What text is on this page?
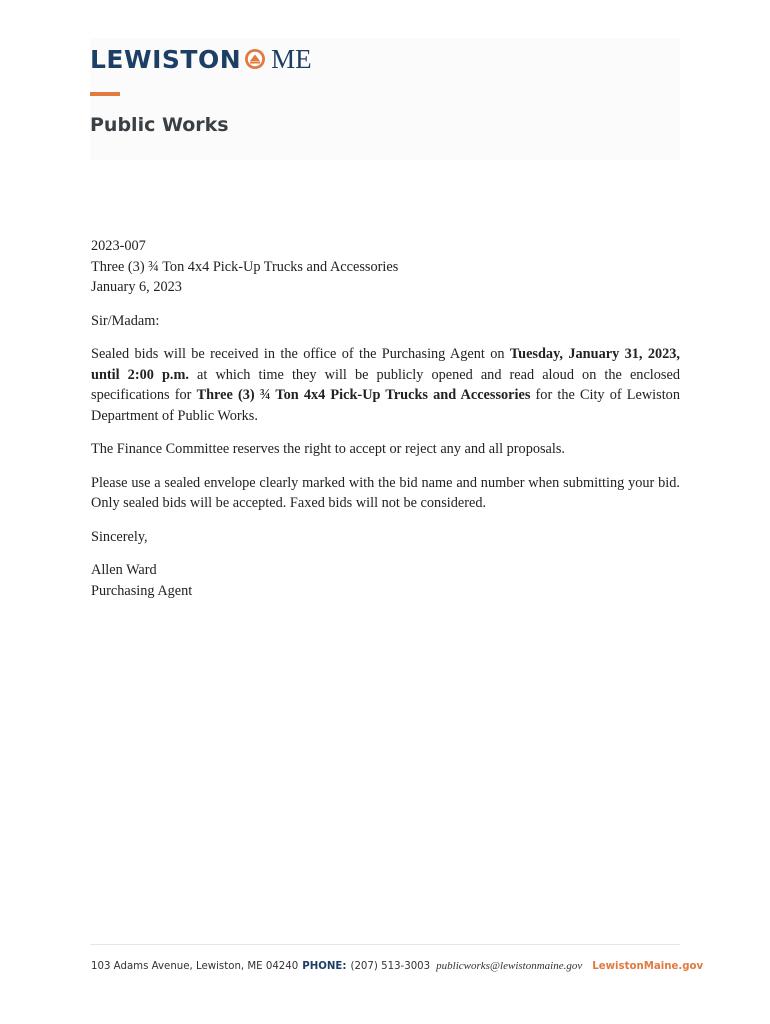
LEWISTON ME
Public Works

2023-007

Three (3) ¾ Ton 4x4 Pick-Up Trucks and Accessories

January 6, 2023

Sir/Madam:

Sealed bids will be received in the office of the Purchasing Agent on Tuesday, January 31, 2023, until 2:00 p.m. at which time they will be publicly opened and read aloud on the enclosed specifications for Three (3) ¾ Ton 4x4 Pick-Up Trucks and Accessories for the City of Lewiston Department of Public Works.

The Finance Committee reserves the right to accept or reject any and all proposals.

Please use a sealed envelope clearly marked with the bid name and number when submitting your bid. Only sealed bids will be accepted. Faxed bids will not be considered.

Sincerely,

Allen Ward

Purchasing Agent

103 Adams Avenue, Lewiston, ME 04240 PHONE: (207) 513-3003 publicworks@lewistonmaine.gov LewistonMaine.gov
